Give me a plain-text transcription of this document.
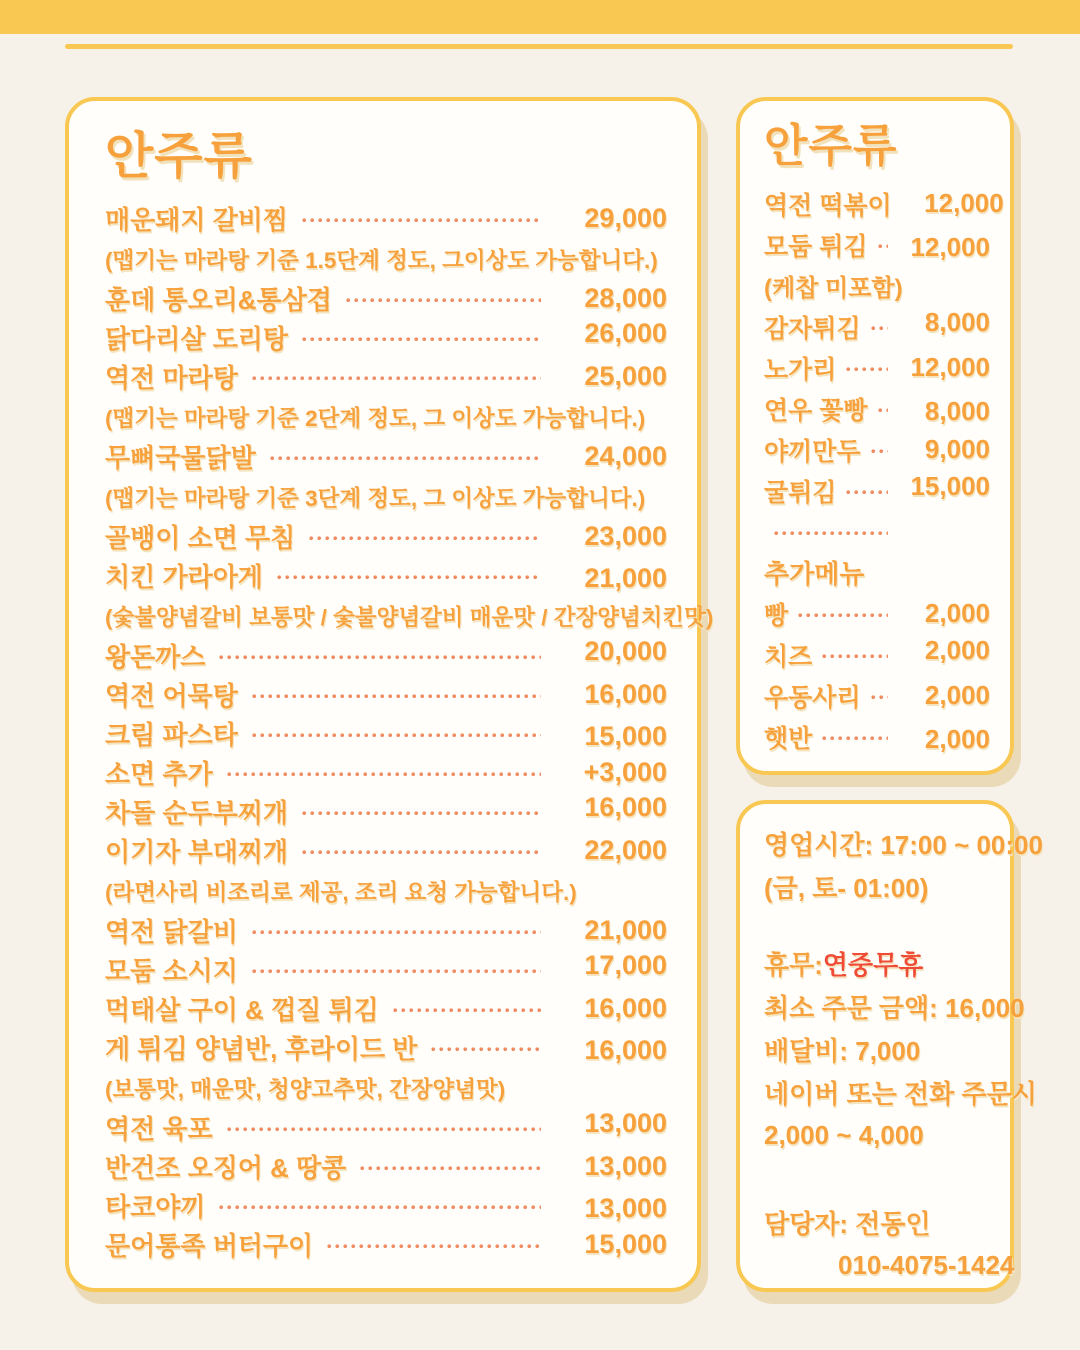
안주류
매운돼지 갈비찜	29,000
(맵기는 마라탕 기준 1.5단계 정도, 그이상도 가능합니다.)
훈데 통오리&통삼겹	28,000
닭다리살 도리탕	26,000
역전 마라탕	25,000
(맵기는 마라탕 기준 2단계 정도, 그 이상도 가능합니다.)
무뼈국물닭발	24,000
(맵기는 마라탕 기준 3단계 정도, 그 이상도 가능합니다.)
골뱅이 소면 무침	23,000
치킨 가라아게	21,000
(숯불양념갈비 보통맛 / 숯불양념갈비 매운맛 / 간장양념치킨맛)
왕돈까스	20,000
역전 어묵탕	16,000
크림 파스타	15,000
소면 추가	+3,000
차돌 순두부찌개	16,000
이기자 부대찌개	22,000
(라면사리 비조리로 제공, 조리 요청 가능합니다.)
역전 닭갈비	21,000
모둠 소시지	17,000
먹태살 구이 & 껍질 튀김	16,000
게 튀김 양념반, 후라이드 반	16,000
(보통맛, 매운맛, 청양고추맛, 간장양념맛)
역전 육포	13,000
반건조 오징어 & 땅콩	13,000
타코야끼	13,000
문어통족 버터구이	15,000
안주류
역전 떡볶이	12,000
모둠 튀김	12,000
(케찹 미포함)
감자튀김	8,000
노가리	12,000
연우 꽃빵	8,000
야끼만두	9,000
굴튀김	15,000
추가메뉴
빵	2,000
치즈	2,000
우동사리	2,000
햇반	2,000
영업시간: 17:00 ~ 00:00
(금, 토- 01:00)
휴무: 연중무휴
최소 주문 금액: 16,000
배달비: 7,000
네이버 또는 전화 주문시
2,000 ~ 4,000
담당자: 전동인
010-4075-1424
